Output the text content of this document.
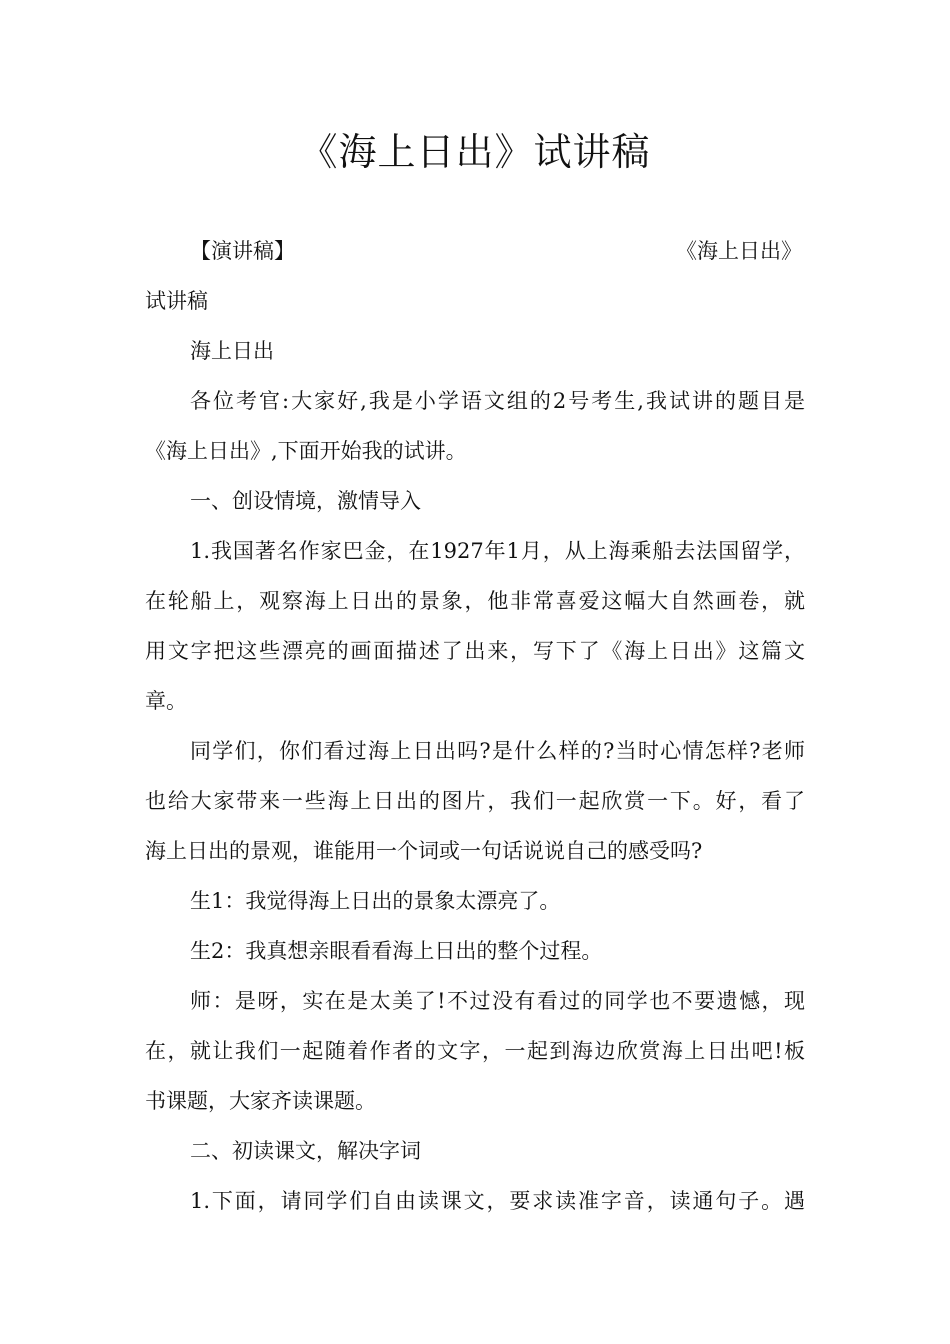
《海上日出》试讲稿
【演讲稿】	《海上日出》
试讲稿
海上日出
各位考官:大家好,我是小学语文组的2号考生,我试讲的题目是
《海上日出》,下面开始我的试讲。
一、创设情境，激情导入
1.我国著名作家巴金，在1927年1月，从上海乘船去法国留学，
在轮船上，观察海上日出的景象，他非常喜爱这幅大自然画卷，就
用文字把这些漂亮的画面描述了出来，写下了《海上日出》这篇文
章。
同学们，你们看过海上日出吗?是什么样的?当时心情怎样?老师
也给大家带来一些海上日出的图片，我们一起欣赏一下。好，看了
海上日出的景观，谁能用一个词或一句话说说自己的感受吗?
生1：我觉得海上日出的景象太漂亮了。
生2：我真想亲眼看看海上日出的整个过程。
师：是呀，实在是太美了!不过没有看过的同学也不要遗憾，现
在，就让我们一起随着作者的文字，一起到海边欣赏海上日出吧!板
书课题，大家齐读课题。
二、初读课文，解决字词
1.下面，请同学们自由读课文，要求读准字音，读通句子。遇
